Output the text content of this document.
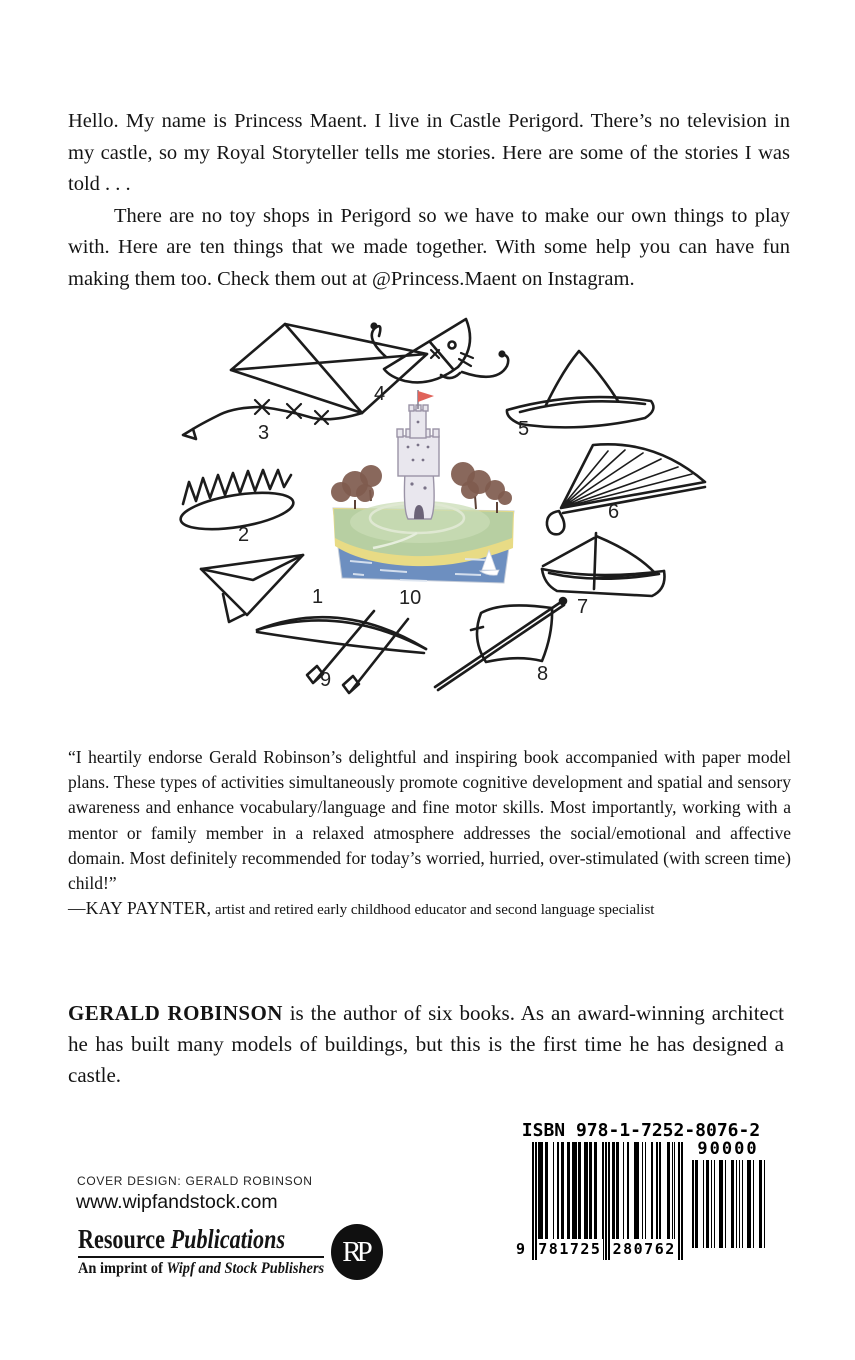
Hello. My name is Princess Maent. I live in Castle Perigord. There’s no television in my castle, so my Royal Storyteller tells me stories. Here are some of the stories I was told . . .

There are no toy shops in Perigord so we have to make our own things to play with. Here are ten things that we made together. With some help you can have fun making them too. Check them out at @Princess.Maent on Instagram.

1
2
3
4
5
6
7
8
9
10

“I heartily endorse Gerald Robinson’s delightful and inspiring book accompanied with paper model plans. These types of activities simultaneously promote cognitive development and spatial and sensory awareness and enhance vocabulary/language and fine motor skills. Most importantly, working with a mentor or family member in a relaxed atmosphere addresses the social/emotional and affective domain. Most definitely recommended for today’s worried, hurried, over-stimulated (with screen time) child!”

—KAY PAYNTER, artist and retired early childhood educator and second language specialist

GERALD ROBINSON is the author of six books. As an award-winning architect he has built many models of buildings, but this is the first time he has designed a castle.

COVER DESIGN: GERALD ROBINSON
www.wipfandstock.com
Resource Publications
An imprint of Wipf and Stock Publishers
RP
ISBN 978-1-7252-8076-2
90000
9 781725 280762
